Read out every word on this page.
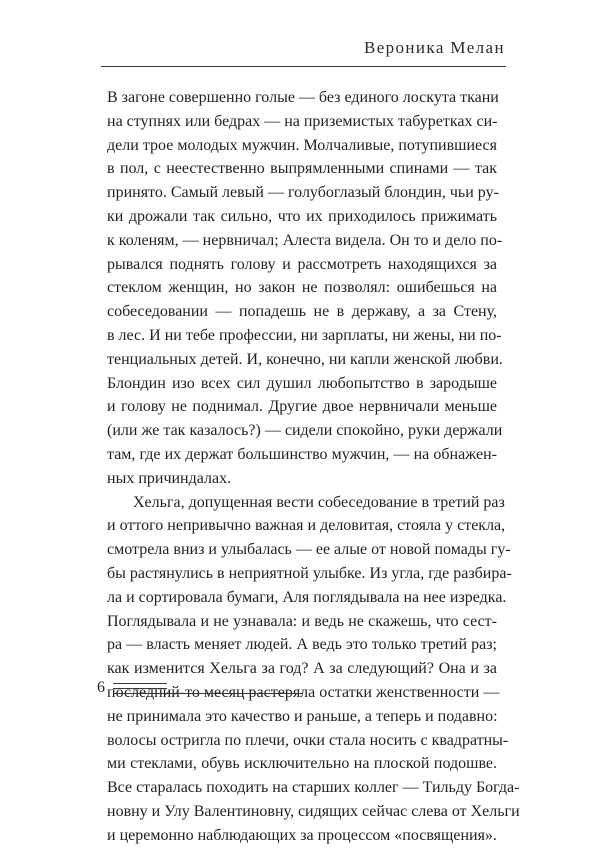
Вероника Мелан

В загоне совершенно голые — без единого лоскута ткани
на ступнях или бедрах — на приземистых табуретках си-
дели трое молодых мужчин. Молчаливые, потупившиеся
в пол, с неестественно выпрямленными спинами — так
принято. Самый левый — голубоглазый блондин, чьи ру-
ки дрожали так сильно, что их приходилось прижимать
к коленям, — нервничал; Алеста видела. Он то и дело по-
рывался поднять голову и рассмотреть находящихся за
стеклом женщин, но закон не позволял: ошибешься на
собеседовании — попадешь не в державу, а за Стену,
в лес. И ни тебе профессии, ни зарплаты, ни жены, ни по-
тенциальных детей. И, конечно, ни капли женской любви.
Блондин изо всех сил душил любопытство в зародыше
и голову не поднимал. Другие двое нервничали меньше
(или же так казалось?) — сидели спокойно, руки держали
там, где их держат большинство мужчин, — на обнажен-
ных причиндалах.

Хельга, допущенная вести собеседование в третий раз
и оттого непривычно важная и деловитая, стояла у стекла,
смотрела вниз и улыбалась — ее алые от новой помады гу-
бы растянулись в неприятной улыбке. Из угла, где разбира-
ла и сортировала бумаги, Аля поглядывала на нее изредка.
Поглядывала и не узнавала: и ведь не скажешь, что сест-
ра — власть меняет людей. А ведь это только третий раз;
как изменится Хельга за год? А за следующий? Она и за
последний-то месяц растеряла остатки женственности —
не принимала это качество и раньше, а теперь и подавно:
волосы остригла по плечи, очки стала носить с квадратны-
ми стеклами, обувь исключительно на плоской подошве.
Все старалась походить на старших коллег — Тильду Богда-
новну и Улу Валентиновну, сидящих сейчас слева от Хельги
и церемонно наблюдающих за процессом «посвящения».

6
